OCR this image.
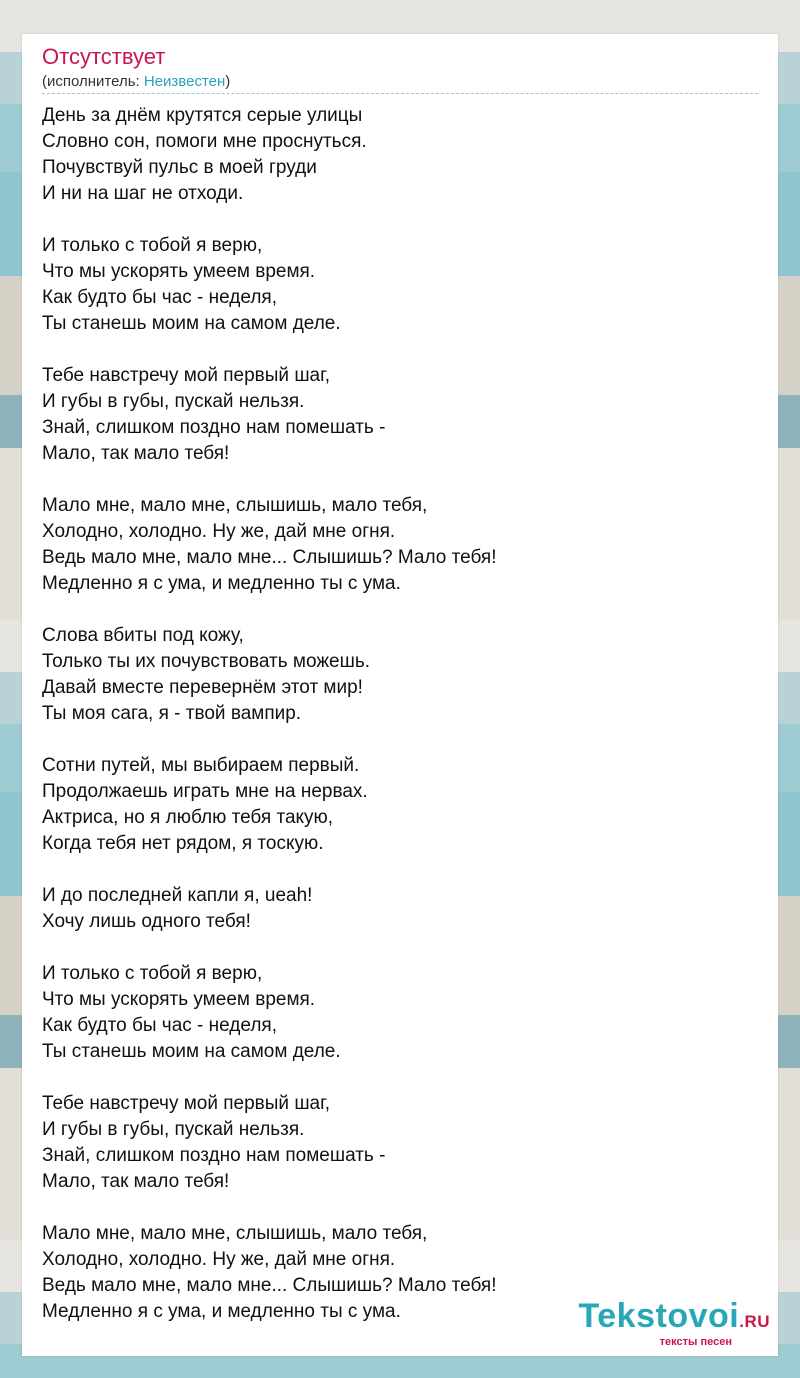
Отсутствует
(исполнитель: Неизвестен)
День за днём крутятся серые улицы
Словно сон, помоги мне проснуться.
Почувствуй пульс в моей груди
И ни на шаг не отходи.
И только с тобой я верю,
Что мы ускорять умеем время.
Как будто бы час - неделя,
Ты станешь моим на самом деле.
Тебе навстречу мой первый шаг,
И губы в губы, пускай нельзя.
Знай, слишком поздно нам помешать -
Мало, так мало тебя!
Мало мне, мало мне, слышишь, мало тебя,
Холодно, холодно. Ну же, дай мне огня.
Ведь мало мне, мало мне... Слышишь? Мало тебя!
Медленно я с ума, и медленно ты с ума.
Слова вбиты под кожу,
Только ты их почувствовать можешь.
Давай вместе перевернём этот мир!
Ты моя сага, я - твой вампир.
Сотни путей, мы выбираем первый.
Продолжаешь играть мне на нервах.
Актриса, но я люблю тебя такую,
Когда тебя нет рядом, я тоскую.
И до последней капли я, ueah!
Хочу лишь одного тебя!
И только с тобой я верю,
Что мы ускорять умеем время.
Как будто бы час - неделя,
Ты станешь моим на самом деле.
Тебе навстречу мой первый шаг,
И губы в губы, пускай нельзя.
Знай, слишком поздно нам помешать -
Мало, так мало тебя!
Мало мне, мало мне, слышишь, мало тебя,
Холодно, холодно. Ну же, дай мне огня.
Ведь мало мне, мало мне... Слышишь? Мало тебя!
Медленно я с ума, и медленно ты с ума.	Tekstovoi.RU
тексты песен
